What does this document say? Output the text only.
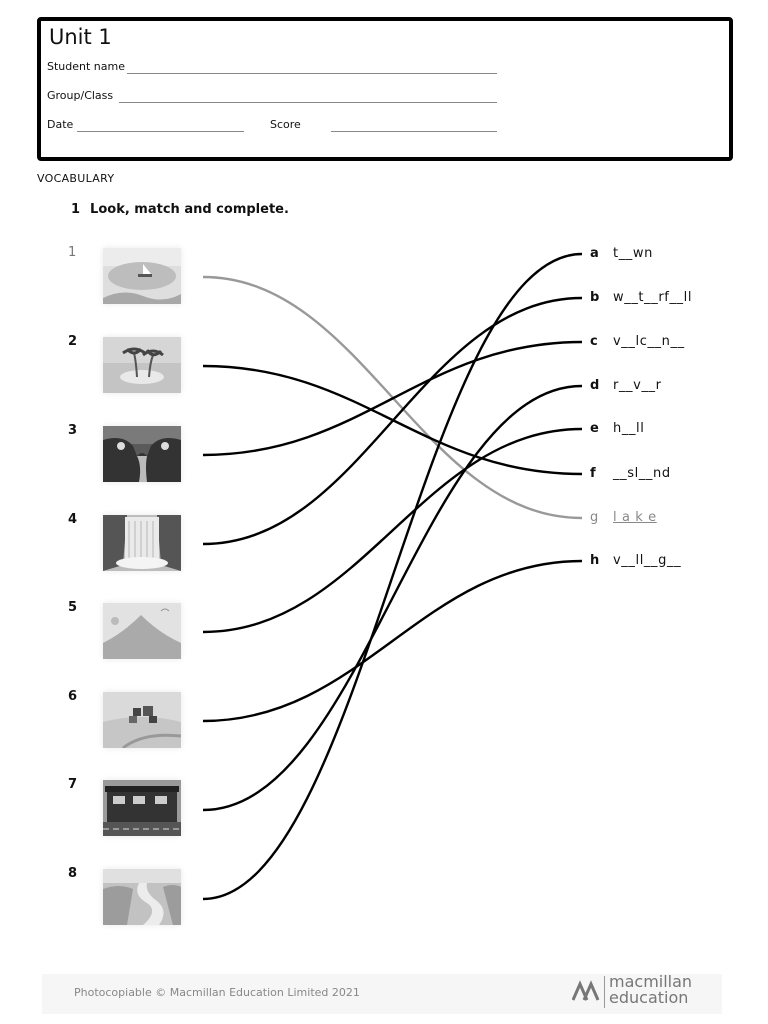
Unit 1
Student name
Group/Class
Date	Score
VOCABULARY
1 Look, match and complete.
1
2
3
4
5
6
7
8
a t__wn
b w__t__rf__ll
c v__lc__n__
d r__v__r
e h__ll
f __sl__nd
g l a k e
h v__ll__g__
Photocopiable © Macmillan Education Limited 2021
macmillan
education
